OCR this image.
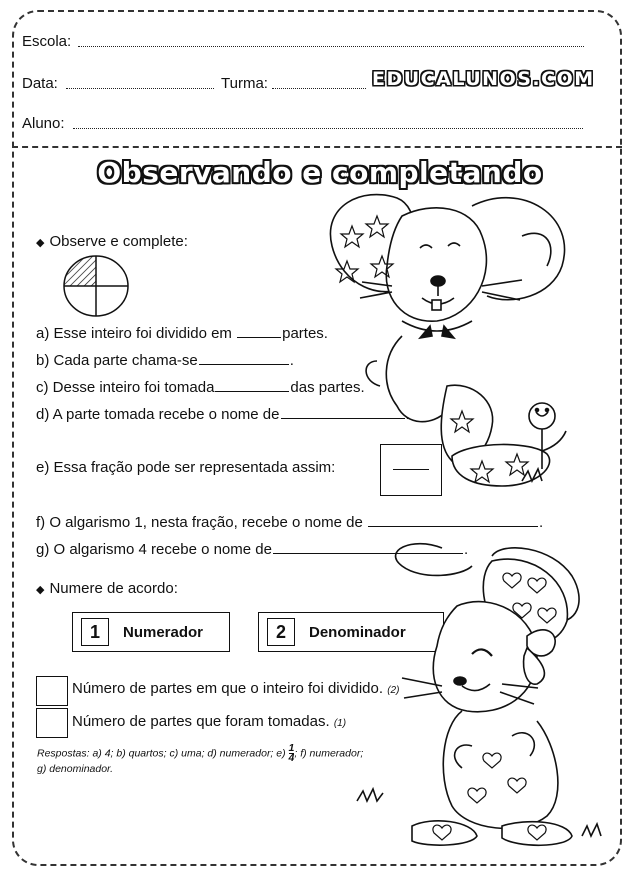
Escola:
Data:	Turma:	EDUCALUNOS.COM
Aluno:
Observando e completando
◆ Observe e complete:
a) Esse inteiro foi dividido em	partes.
b) Cada parte chama-se	.
c) Desse inteiro foi tomada	das partes.
d) A parte tomada recebe o nome de	.
e) Essa fração pode ser representada assim:
f) O algarismo 1, nesta fração, recebe o nome de	.
g) O algarismo 4 recebe o nome de	.
◆ Numere de acordo:
1	Numerador	2	Denominador
Número de partes em que o inteiro foi dividido. (2)
Número de partes que foram tomadas. (1)
Respostas: a) 4; b) quartos; c) uma; d) numerador; $e) \frac{1}{4}$ ; f) numerador;
g) denominador.
